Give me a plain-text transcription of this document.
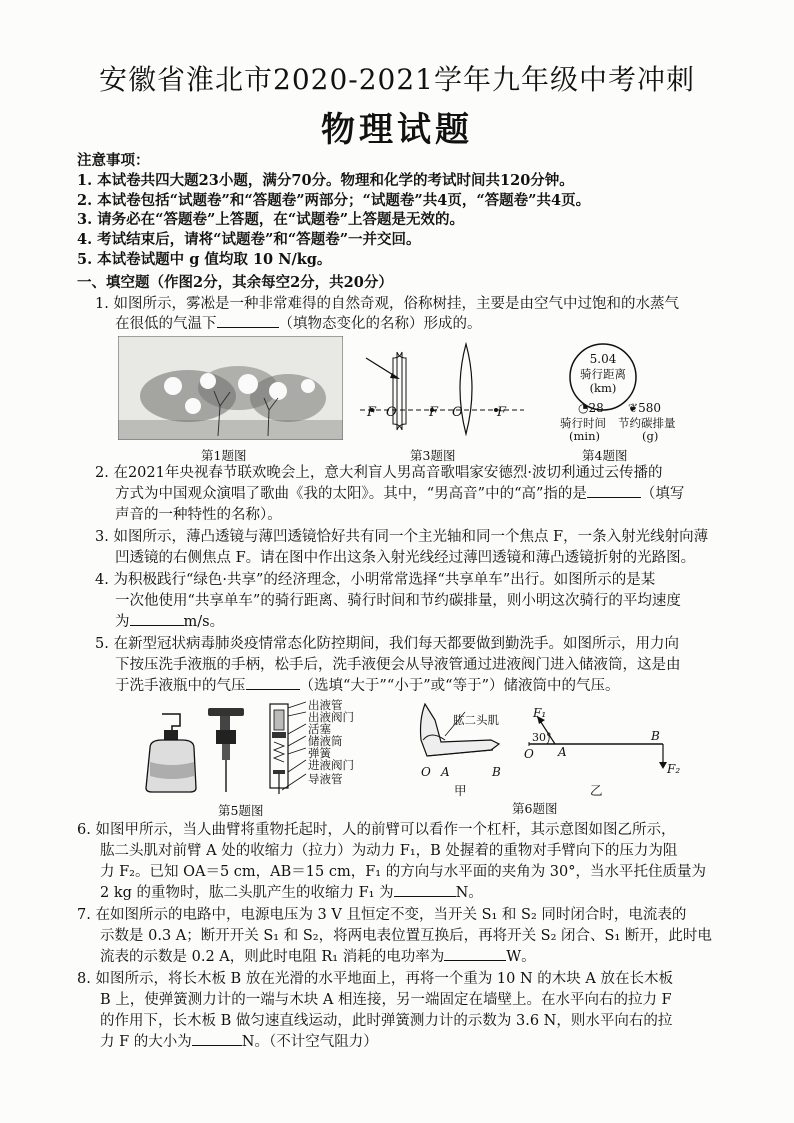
安徽省淮北市2020-2021学年九年级中考冲刺
物理试题
注意事项：
1. 本试卷共四大题23小题，满分70分。物理和化学的考试时间共120分钟。
2. 本试卷包括“试题卷”和“答题卷”两部分；“试题卷”共4页，“答题卷”共4页。
3. 请务必在“答题卷”上答题，在“试题卷”上答题是无效的。
4. 考试结束后，请将“试题卷”和“答题卷”一并交回。
5. 本试卷试题中 g 值均取 10 N/kg。
一、填空题（作图2分，其余每空2分，共20分）
1. 如图所示，雾凇是一种非常难得的自然奇观，俗称树挂，主要是由空气中过饱和的水蒸气
在很低的气温下	（填物态变化的名称）形成的。
第1题图
F O F O	F
第3题图
5.04
骑行距离
(km)
◔28 ❦580
骑行时间 节约碳排量
(min)	(g)
第4题图
2. 在2021年央视春节联欢晚会上，意大利盲人男高音歌唱家安德烈·波切利通过云传播的
方式为中国观众演唱了歌曲《我的太阳》。其中，“男高音”中的“高”指的是	（填写
声音的一种特性的名称）。
3. 如图所示，薄凸透镜与薄凹透镜恰好共有同一个主光轴和同一个焦点 F，一条入射光线射向薄
凹透镜的右侧焦点 F。请在图中作出这条入射光线经过薄凹透镜和薄凸透镜折射的光路图。
4. 为积极践行“绿色·共享”的经济理念，小明常常选择“共享单车”出行。如图所示的是某
一次他使用“共享单车”的骑行距离、骑行时间和节约碳排量，则小明这次骑行的平均速度
为	m/s。
5. 在新型冠状病毒肺炎疫情常态化防控期间，我们每天都要做到勤洗手。如图所示，用力向
下按压洗手液瓶的手柄，松手后，洗手液便会从导液管通过进液阀门进入储液筒，这是由
于洗手液瓶中的气压	（选填“大于”“小于”或“等于”）储液筒中的气压。
出液管
出液阀门
活塞
储液筒
弹簧
进液阀门
导液管
第5题图
肱二头肌
O A	B
甲
F₁
30°
O A
B
F₂
乙
第6题图
6. 如图甲所示，当人曲臂将重物托起时，人的前臂可以看作一个杠杆，其示意图如图乙所示，
肱二头肌对前臂 A 处的收缩力（拉力）为动力 F₁，B 处握着的重物对手臂向下的压力为阻
力 F₂。已知 OA＝5 cm，AB＝15 cm，F₁ 的方向与水平面的夹角为 30°，当水平托住质量为
2 kg 的重物时，肱二头肌产生的收缩力 F₁ 为	N。
7. 在如图所示的电路中，电源电压为 3 V 且恒定不变，当开关 S₁ 和 S₂ 同时闭合时，电流表的
示数是 0.3 A；断开开关 S₁ 和 S₂，将两电表位置互换后，再将开关 S₂ 闭合、S₁ 断开，此时电
流表的示数是 0.2 A，则此时电阻 R₁ 消耗的电功率为	W。
8. 如图所示，将长木板 B 放在光滑的水平地面上，再将一个重为 10 N 的木块 A 放在长木板
B 上，使弹簧测力计的一端与木块 A 相连接，另一端固定在墙壁上。在水平向右的拉力 F
的作用下，长木板 B 做匀速直线运动，此时弹簧测力计的示数为 3.6 N，则水平向右的拉
力 F 的大小为	N。（不计空气阻力）
